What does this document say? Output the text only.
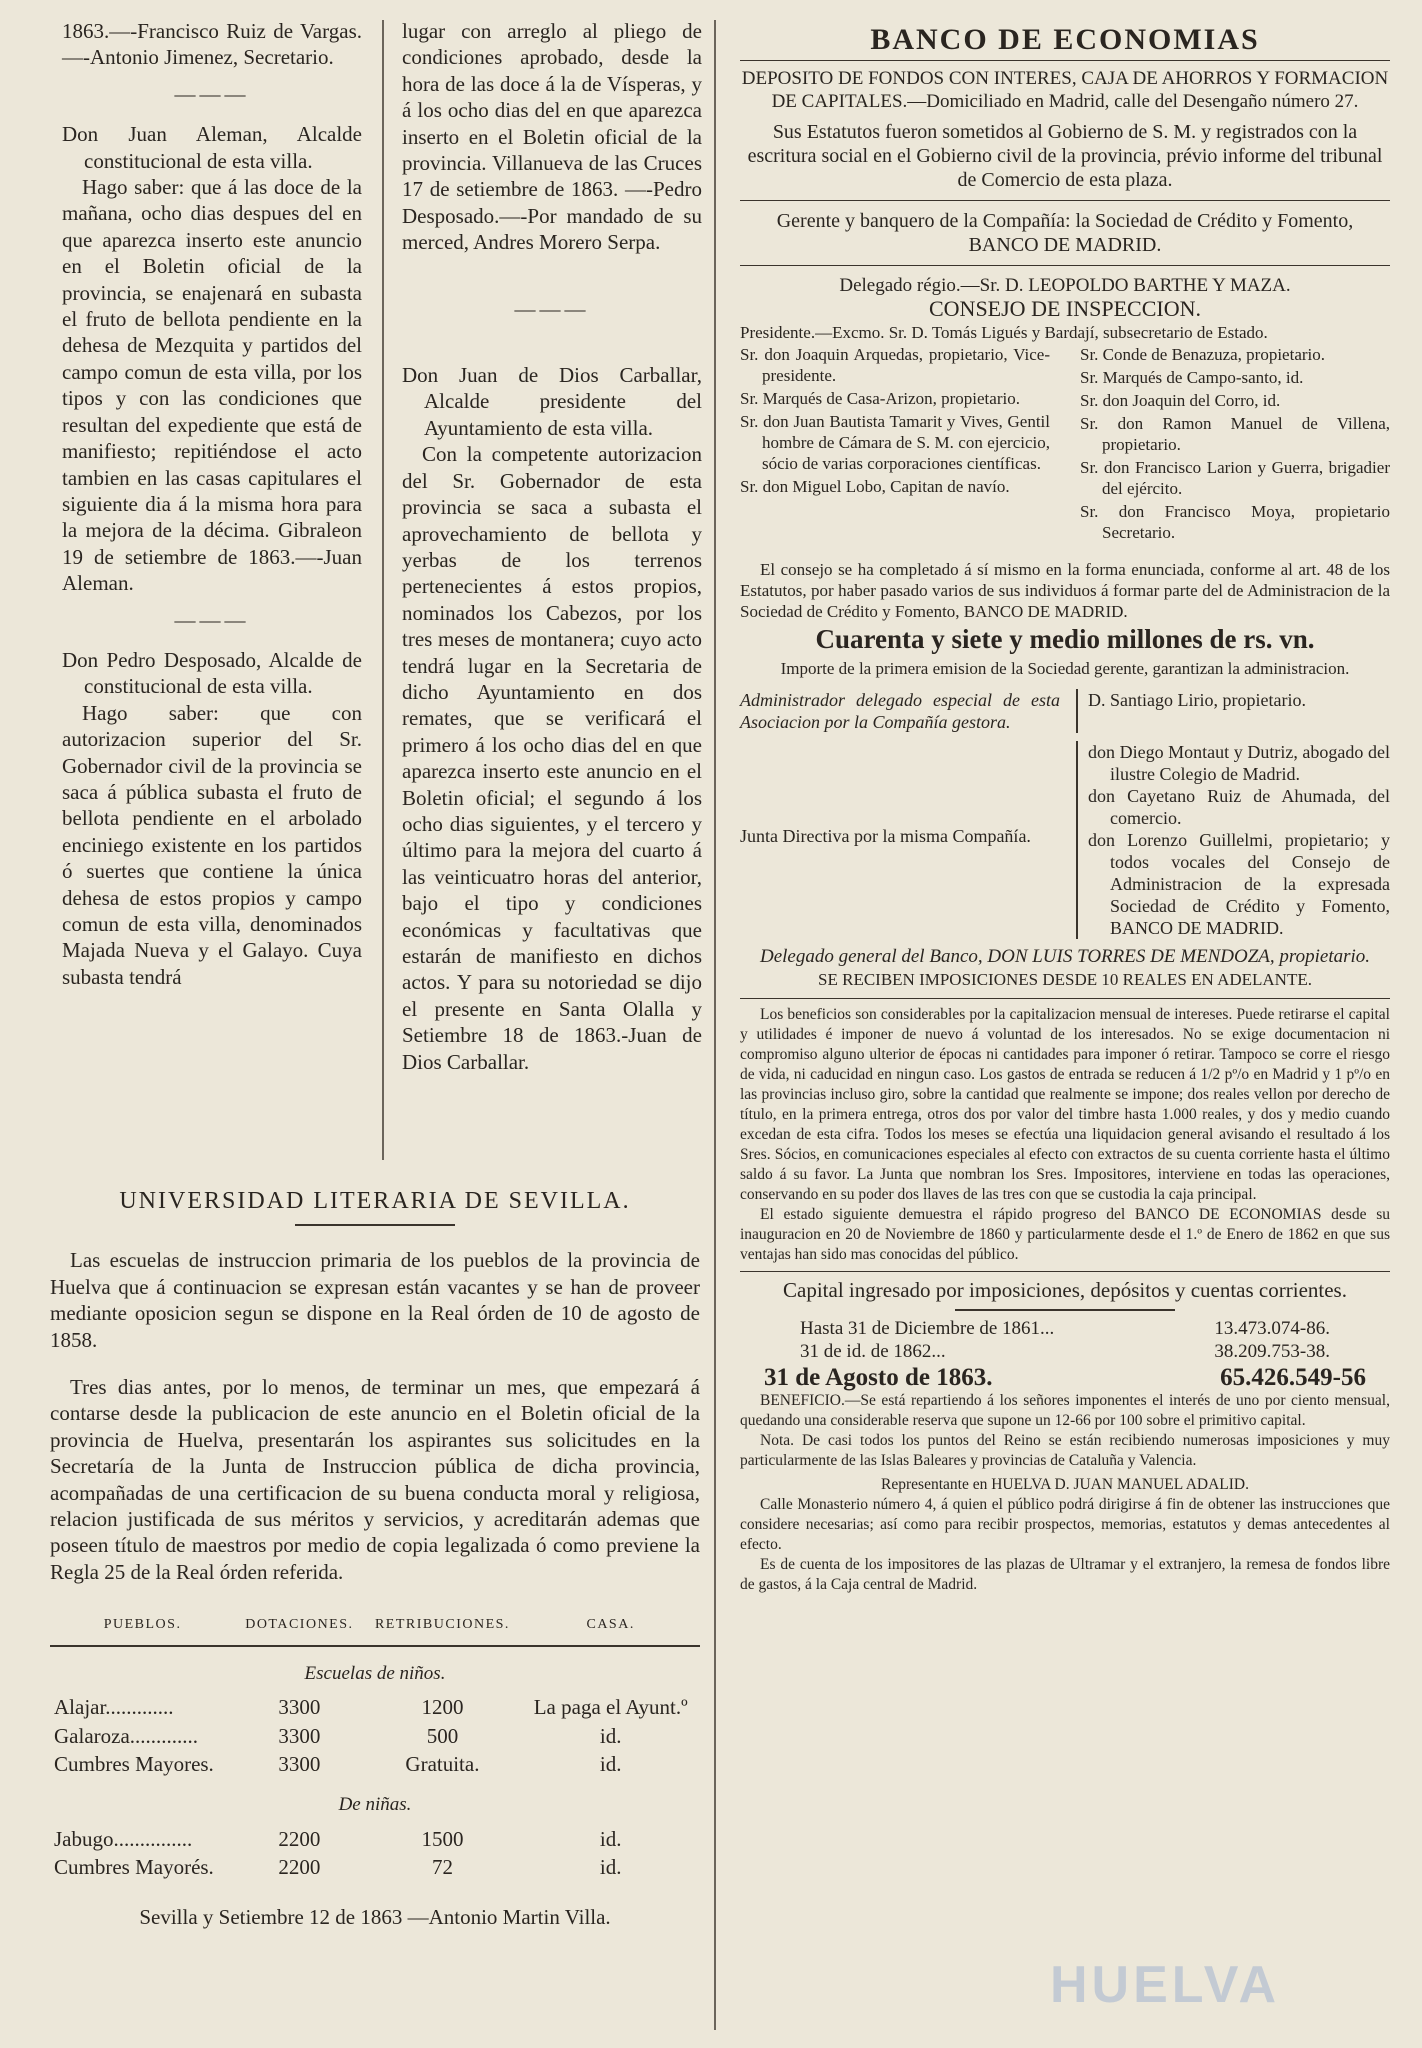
1863.—-Francisco Ruiz de Vargas.—-Antonio Jimenez, Secretario.

———

Don Juan Aleman, Alcalde constitucional de esta villa.

Hago saber: que á las doce de la mañana, ocho dias despues del en que aparezca inserto este anuncio en el Boletin oficial de la provincia, se enajenará en subasta el fruto de bellota pendiente en la dehesa de Mezquita y partidos del campo comun de esta villa, por los tipos y con las condiciones que resultan del expediente que está de manifiesto; repitiéndose el acto tambien en las casas capitulares el siguiente dia á la misma hora para la mejora de la décima. Gibraleon 19 de setiembre de 1863.—-Juan Aleman.

———

Don Pedro Desposado, Alcalde de constitucional de esta villa.

Hago saber: que con autorizacion superior del Sr. Gobernador civil de la provincia se saca á pública subasta el fruto de bellota pendiente en el arbolado enciniego existente en los partidos ó suertes que contiene la única dehesa de estos propios y campo comun de esta villa, denominados Majada Nueva y el Galayo. Cuya subasta tendrá

lugar con arreglo al pliego de condiciones aprobado, desde la hora de las doce á la de Vísperas, y á los ocho dias del en que aparezca inserto en el Boletin oficial de la provincia. Villanueva de las Cruces 17 de setiembre de 1863. —-Pedro Desposado.—-Por mandado de su merced, Andres Morero Serpa.

———

Don Juan de Dios Carballar, Alcalde presidente del Ayuntamiento de esta villa.

Con la competente autorizacion del Sr. Gobernador de esta provincia se saca a subasta el aprovechamiento de bellota y yerbas de los terrenos pertenecientes á estos propios, nominados los Cabezos, por los tres meses de montanera; cuyo acto tendrá lugar en la Secretaria de dicho Ayuntamiento en dos remates, que se verificará el primero á los ocho dias del en que aparezca inserto este anuncio en el Boletin oficial; el segundo á los ocho dias siguientes, y el tercero y último para la mejora del cuarto á las veinticuatro horas del anterior, bajo el tipo y condiciones económicas y facultativas que estarán de manifiesto en dichos actos. Y para su notoriedad se dijo el presente en Santa Olalla y Setiembre 18 de 1863.-Juan de Dios Carballar.

UNIVERSIDAD LITERARIA DE SEVILLA.

Las escuelas de instruccion primaria de los pueblos de la provincia de Huelva que á continuacion se expresan están vacantes y se han de proveer mediante oposicion segun se dispone en la Real órden de 10 de agosto de 1858.

Tres dias antes, por lo menos, de terminar un mes, que empezará á contarse desde la publicacion de este anuncio en el Boletin oficial de la provincia de Huelva, presentarán los aspirantes sus solicitudes en la Secretaría de la Junta de Instruccion pública de dicha provincia, acompañadas de una certificacion de su buena conducta moral y religiosa, relacion justificada de sus méritos y servicios, y acreditarán ademas que poseen título de maestros por medio de copia legalizada ó como previene la Regla 25 de la Real órden referida.

PUEBLOS.	DOTACIONES.	RETRIBUCIONES.	CASA.
Escuelas de niños.			
Alajar.............	3300	1200	La paga el Ayunt.º
Galaroza.............	3300	500	id.
Cumbres Mayores.	3300	Gratuita.	id.
De niñas.			
Jabugo...............	2200	1500	id.
Cumbres Mayorés.	2200	72	id.

Sevilla y Setiembre 12 de 1863 —Antonio Martin Villa.

BANCO DE ECONOMIAS

DEPOSITO DE FONDOS CON INTERES, CAJA DE AHORROS Y FORMACION DE CAPITALES.—Domiciliado en Madrid, calle del Desengaño número 27.

Sus Estatutos fueron sometidos al Gobierno de S. M. y registrados con la escritura social en el Gobierno civil de la provincia, prévio informe del tribunal de Comercio de esta plaza.

Gerente y banquero de la Compañía: la Sociedad de Crédito y Fomento, BANCO DE MADRID.

Delegado régio.—Sr. D. LEOPOLDO BARTHE Y MAZA.

CONSEJO DE INSPECCION.

Presidente.—Excmo. Sr. D. Tomás Ligués y Bardají, subsecretario de Estado.

Sr. don Joaquin Arquedas, propietario, Vice-presidente.

Sr. Marqués de Casa-Arizon, propietario.

Sr. don Juan Bautista Tamarit y Vives, Gentil hombre de Cámara de S. M. con ejercicio, sócio de varias corporaciones científicas.

Sr. don Miguel Lobo, Capitan de navío.

Sr. Conde de Benazuza, propietario.

Sr. Marqués de Campo-santo, id.

Sr. don Joaquin del Corro, id.

Sr. don Ramon Manuel de Villena, propietario.

Sr. don Francisco Larion y Guerra, brigadier del ejército.

Sr. don Francisco Moya, propietario Secretario.

El consejo se ha completado á sí mismo en la forma enunciada, conforme al art. 48 de los Estatutos, por haber pasado varios de sus individuos á formar parte del de Administracion de la Sociedad de Crédito y Fomento, BANCO DE MADRID.

Cuarenta y siete y medio millones de rs. vn.

Importe de la primera emision de la Sociedad gerente, garantizan la administracion.

Administrador delegado especial de esta Asociacion por la Compañía gestora.
D. Santiago Lirio, propietario.
Junta Directiva por la misma Compañía.

don Diego Montaut y Dutriz, abogado del ilustre Colegio de Madrid.

don Cayetano Ruiz de Ahumada, del comercio.

don Lorenzo Guillelmi, propietario; y todos vocales del Consejo de Administracion de la expresada Sociedad de Crédito y Fomento, BANCO DE MADRID.

Delegado general del Banco, DON LUIS TORRES DE MENDOZA, propietario.

SE RECIBEN IMPOSICIONES DESDE 10 REALES EN ADELANTE.

Los beneficios son considerables por la capitalizacion mensual de intereses. Puede retirarse el capital y utilidades é imponer de nuevo á voluntad de los interesados. No se exige documentacion ni compromiso alguno ulterior de épocas ni cantidades para imponer ó retirar. Tampoco se corre el riesgo de vida, ni caducidad en ningun caso. Los gastos de entrada se reducen á 1/2 pº/o en Madrid y 1 pº/o en las provincias incluso giro, sobre la cantidad que realmente se impone; dos reales vellon por derecho de título, en la primera entrega, otros dos por valor del timbre hasta 1.000 reales, y dos y medio cuando excedan de esta cifra. Todos los meses se efectúa una liquidacion general avisando el resultado á los Sres. Sócios, en comunicaciones especiales al efecto con extractos de su cuenta corriente hasta el último saldo á su favor. La Junta que nombran los Sres. Impositores, interviene en todas las operaciones, conservando en su poder dos llaves de las tres con que se custodia la caja principal.

El estado siguiente demuestra el rápido progreso del BANCO DE ECONOMIAS desde su inauguracion en 20 de Noviembre de 1860 y particularmente desde el 1.º de Enero de 1862 en que sus ventajas han sido mas conocidas del público.

Capital ingresado por imposiciones, depósitos y cuentas corrientes.

Hasta 31 de Diciembre de 1861...	13.473.074-86.
31 de id. de 1862...	38.209.753-38.
31 de Agosto de 1863.	65.426.549-56

BENEFICIO.—Se está repartiendo á los señores imponentes el interés de uno por ciento mensual, quedando una considerable reserva que supone un 12-66 por 100 sobre el primitivo capital.

Nota. De casi todos los puntos del Reino se están recibiendo numerosas imposiciones y muy particularmente de las Islas Baleares y provincias de Cataluña y Valencia.

Representante en HUELVA D. JUAN MANUEL ADALID.

Calle Monasterio número 4, á quien el público podrá dirigirse á fin de obtener las instrucciones que considere necesarias; así como para recibir prospectos, memorias, estatutos y demas antecedentes al efecto.

Es de cuenta de los impositores de las plazas de Ultramar y el extranjero, la remesa de fondos libre de gastos, á la Caja central de Madrid.

HUELVA
